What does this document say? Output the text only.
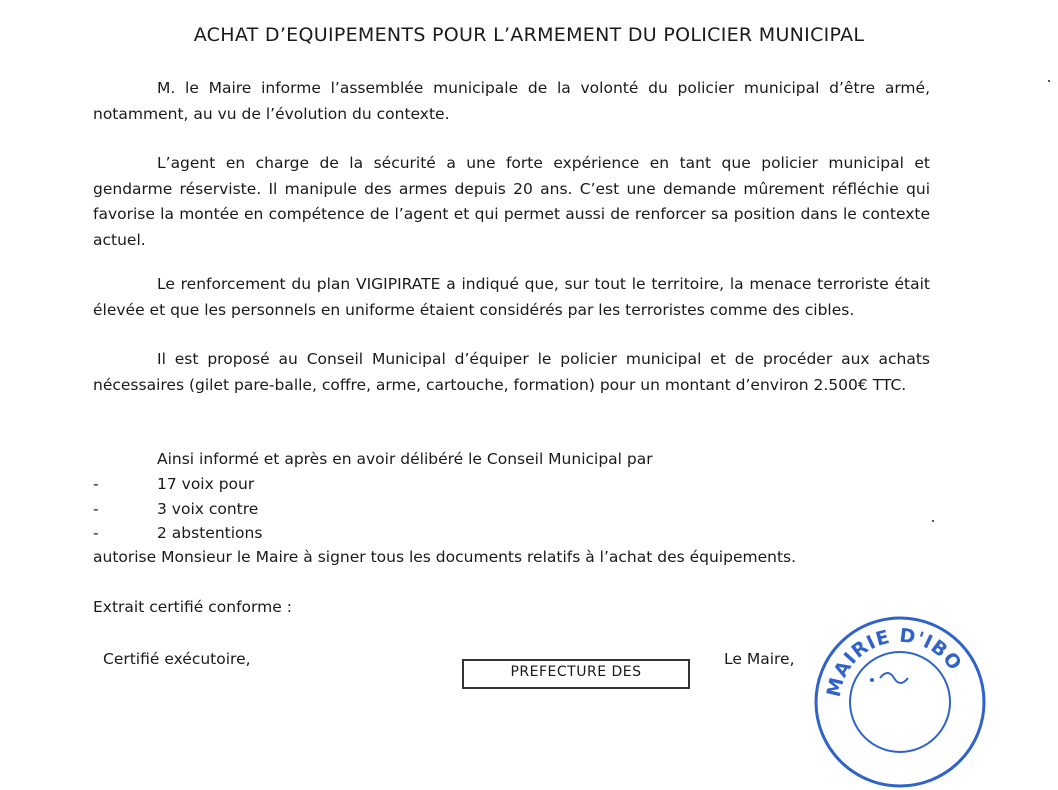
ACHAT D’EQUIPEMENTS POUR L’ARMEMENT DU POLICIER MUNICIPAL

M. le Maire informe l’assemblée municipale de la volonté du policier municipal d’être armé, notamment, au vu de l’évolution du contexte.

L’agent en charge de la sécurité a une forte expérience en tant que policier municipal et gendarme réserviste. Il manipule des armes depuis 20 ans. C’est une demande mûrement réfléchie qui favorise la montée en compétence de l’agent et qui permet aussi de renforcer sa position dans le contexte actuel.

Le renforcement du plan VIGIPIRATE a indiqué que, sur tout le territoire, la menace terroriste était élevée et que les personnels en uniforme étaient considérés par les terroristes comme des cibles.

Il est proposé au Conseil Municipal d’équiper le policier municipal et de procéder aux achats nécessaires (gilet pare-balle, coffre, arme, cartouche, formation) pour un montant d’environ 2.500€ TTC.

Ainsi informé et après en avoir délibéré le Conseil Municipal par
-	17 voix pour
-	3 voix contre
-	2 abstentions
autorise Monsieur le Maire à signer tous les documents relatifs à l’achat des équipements.
Extrait certifié conforme :
Certifié exécutoire,
PREFECTURE DES
Le Maire,
MAIRIE D'IBO
